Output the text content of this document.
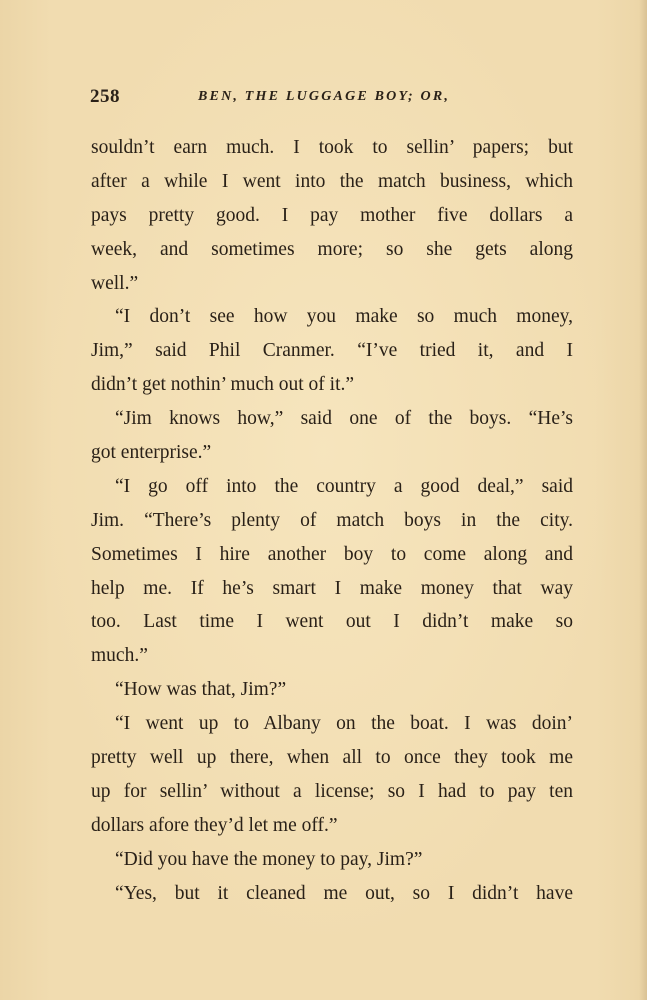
258	BEN, THE LUGGAGE BOY; OR,
souldn’t earn much. I took to sellin’ papers; but
after a while I went into the match business, which
pays pretty good. I pay mother five dollars a
week, and sometimes more; so she gets along
well.”
“I don’t see how you make so much money,
Jim,” said Phil Cranmer. “I’ve tried it, and I
didn’t get nothin’ much out of it.”
“Jim knows how,” said one of the boys. “He’s
got enterprise.”
“I go off into the country a good deal,” said
Jim. “There’s plenty of match boys in the city.
Sometimes I hire another boy to come along and
help me. If he’s smart I make money that way
too. Last time I went out I didn’t make so
much.”
“How was that, Jim?”
“I went up to Albany on the boat. I was doin’
pretty well up there, when all to once they took me
up for sellin’ without a license; so I had to pay ten
dollars afore they’d let me off.”
“Did you have the money to pay, Jim?”
“Yes, but it cleaned me out, so I didn’t have
